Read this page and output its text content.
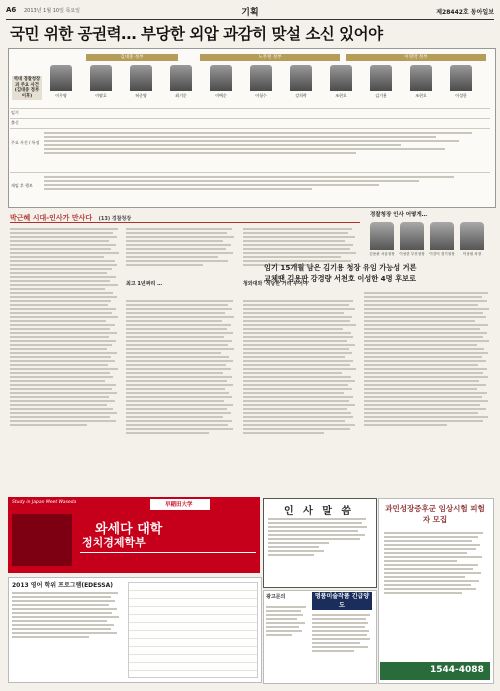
A6 2013년 1월 10일 목요일	기획	제28442호 동아일보
국민 위한 공권력… 부당한 외압 과감히 맞설 소신 있어야
역대 경찰청장과 주요 사건 (김대중 정부 이후)
김대중 정부	노무현 정부	이명박 정부
이무영	이팔호	허준영	최기문	이택순	어청수	강희락	조현오	김기용	조현오	이성한
임기
출신
주요 사건 / 특징
재임 후 행보
박근혜 시대-인사가 만사다 (13) 경찰청장
최고 1년짜리 …	청와대와 '적당한 거리 두어야'
경찰청장 인사 어떻게…
김용판 서울청장	이성한 부산청장	이강덕 경기청장	이상원 차장
임기 15개월 남은 김기용 청장 유임 가능성 거론
교체땐 김용판 강경량 서천호 이성한 4명 후보로
Study in Japan Meet Waseda	早稲田大学
와세다 대학
정치경제학부
2013 영어 학위 프로그램(EDESSA)
인 사 말 씀
광고문의	명품미술작품 긴급양도
과민성장증후군 임상시험 피험자 모집
1544-4088
